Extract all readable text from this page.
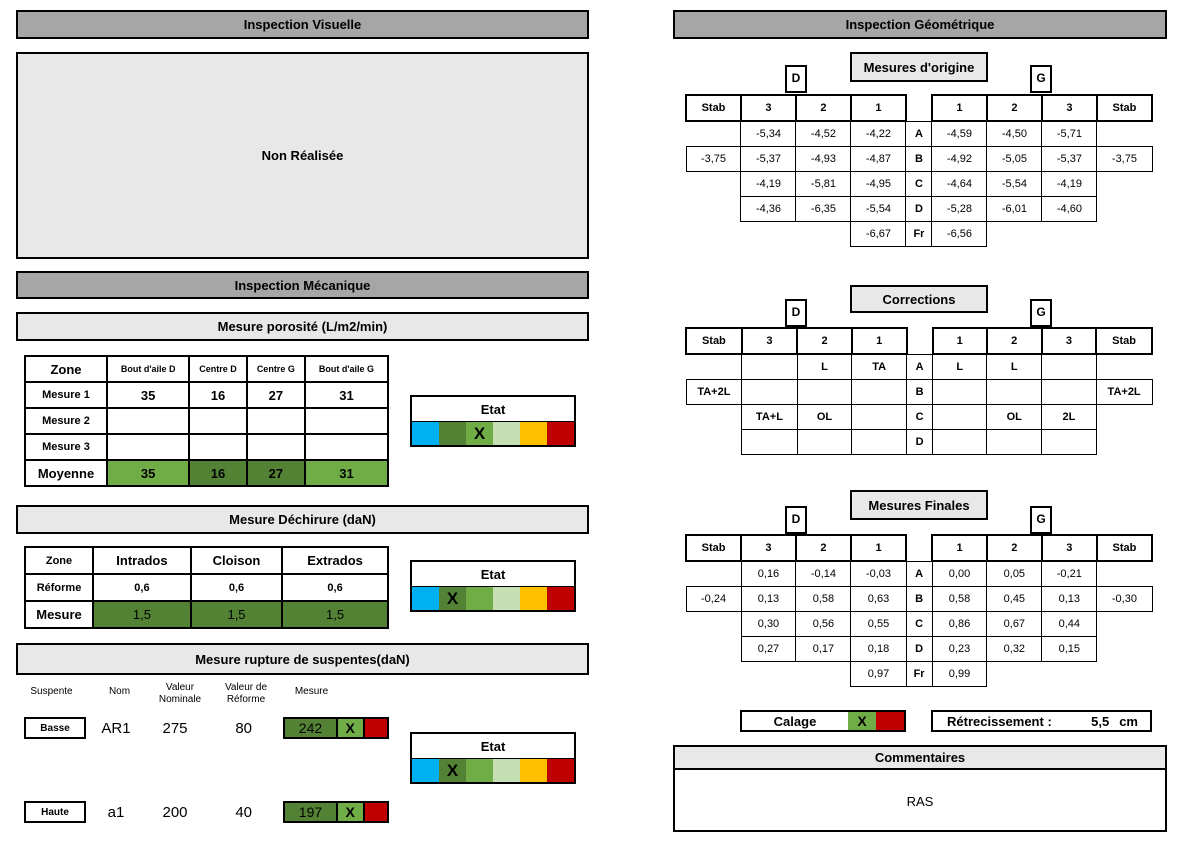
Inspection Visuelle
Non Réalisée
Inspection Mécanique
Mesure porosité (L/m2/min)
Zone	Bout d'aile D	Centre D	Centre G	Bout d'aile G
Mesure 1	35	16	27	31
Mesure 2				
Mesure 3				
Moyenne	35	16	27	31
Etat
X
Mesure Déchirure (daN)
Zone	Intrados	Cloison	Extrados
Réforme	0,6	0,6	0,6
Mesure	1,5	1,5	1,5
Etat
X
Mesure rupture de suspentes(daN)
Suspente	Nom	Valeur Nominale
Valeur de Réforme
Mesure
Basse	AR1	275	80	242	X
Etat
X
Haute	a1	200	40	197	X
Inspection Géométrique
Mesures d'origine
D	G
Stab	3	2	1		1	2	3	Stab
	-5,34	-4,52	-4,22	A	-4,59	-4,50	-5,71	
-3,75	-5,37	-4,93	-4,87	B	-4,92	-5,05	-5,37	-3,75
	-4,19	-5,81	-4,95	C	-4,64	-5,54	-4,19	
	-4,36	-6,35	-5,54	D	-5,28	-6,01	-4,60	
			-6,67	Fr	-6,56			
Corrections
D	G
Stab	3	2	1		1	2	3	Stab
		L	TA	A	L	L		
TA+2L				B				TA+2L
	TA+L	OL		C		OL	2L	
				D				
Mesures Finales
D	G
Stab	3	2	1		1	2	3	Stab
	0,16	-0,14	-0,03	A	0,00	0,05	-0,21	
-0,24	0,13	0,58	0,63	B	0,58	0,45	0,13	-0,30
	0,30	0,56	0,55	C	0,86	0,67	0,44	
	0,27	0,17	0,18	D	0,23	0,32	0,15	
			0,97	Fr	0,99			
Calage	X	Rétrecissement :	5,5 cm
Commentaires
RAS
